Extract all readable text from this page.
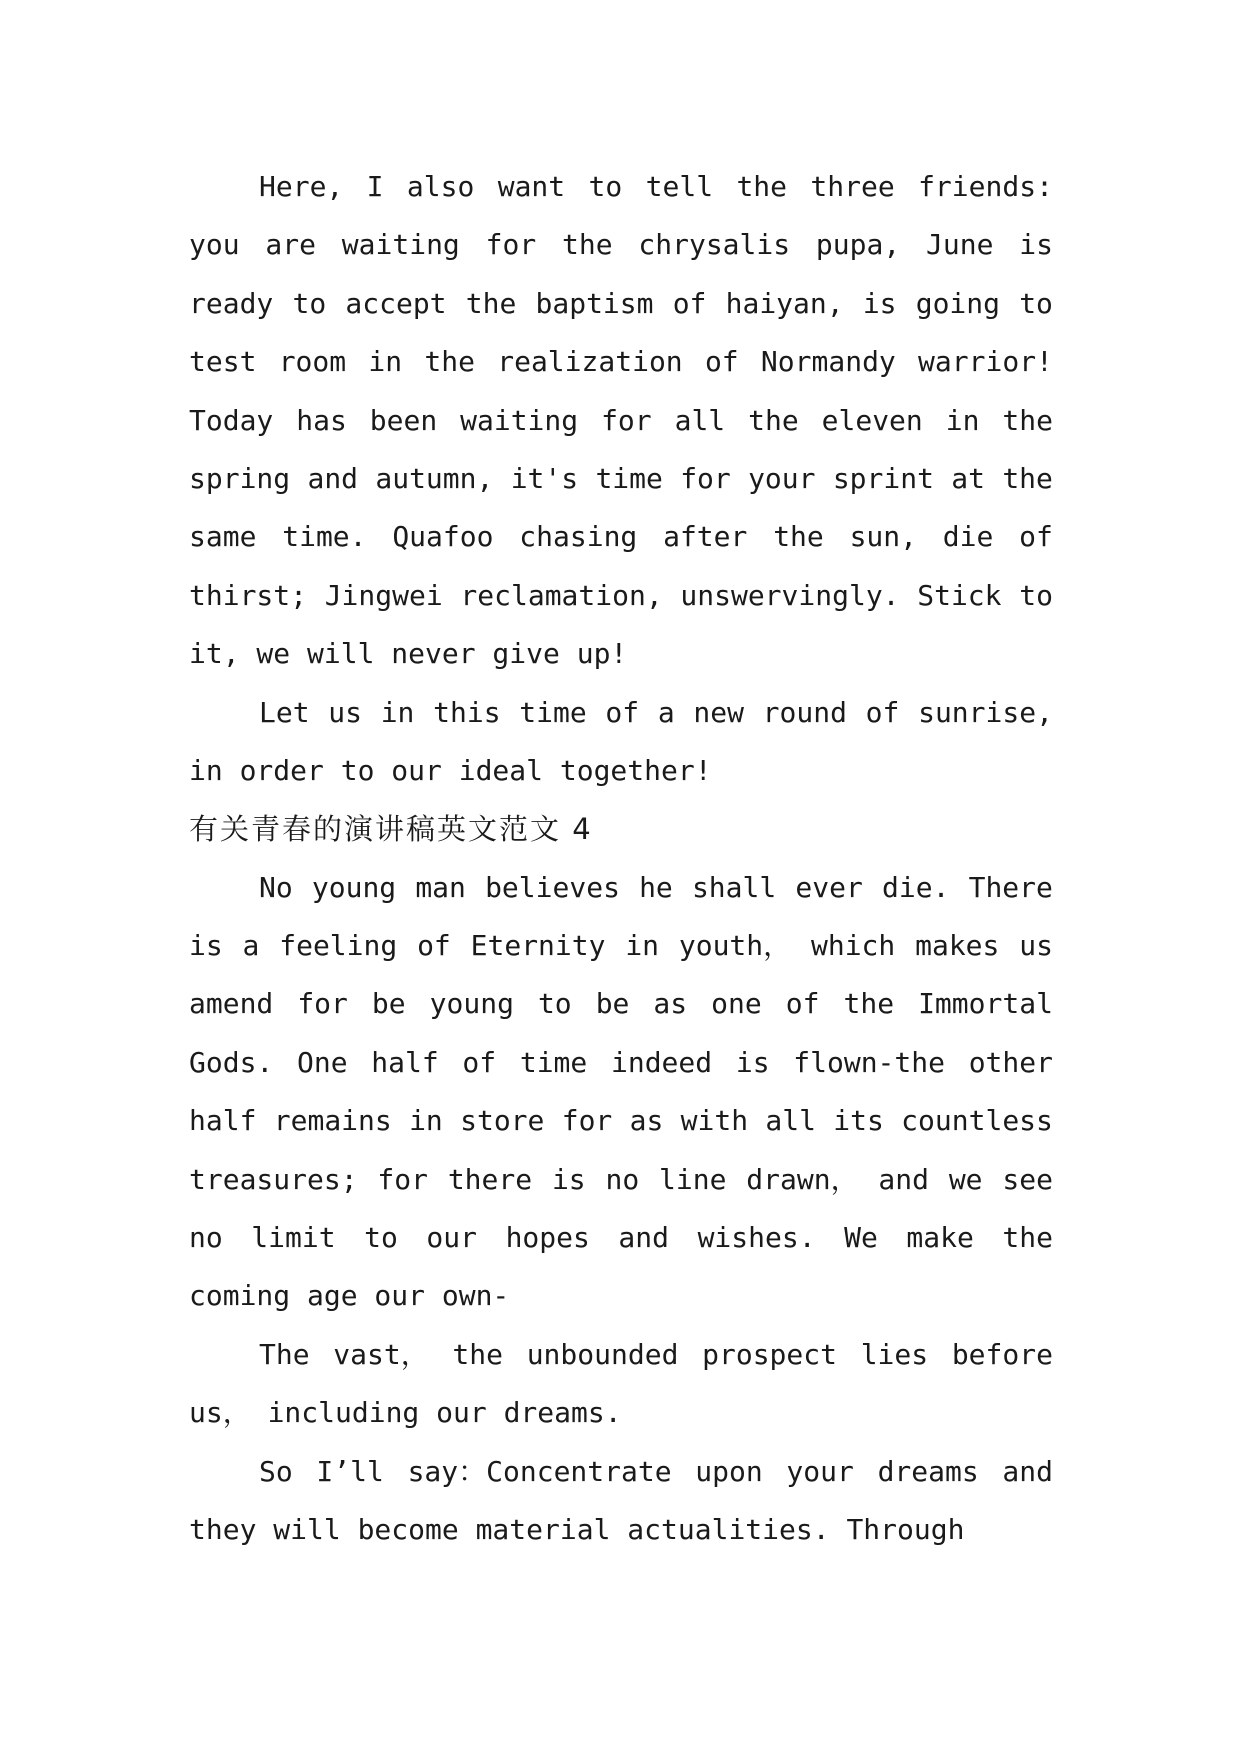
Here, I also want to tell the three friends:
you are waiting for the chrysalis pupa, June is
ready to accept the baptism of haiyan, is going to
test room in the realization of Normandy warrior!
Today has been waiting for all the eleven in the
spring and autumn, it's time for your sprint at the
same time. Quafoo chasing after the sun, die of
thirst; Jingwei reclamation, unswervingly. Stick to
it, we will never give up!
Let us in this time of a new round of sunrise,
in order to our ideal together!
有关青春的演讲稿英文范文 4
No young man believes he shall ever die. There
is a feeling of Eternity in youth， which makes us
amend for be young to be as one of the Immortal
Gods. One half of time indeed is flown-the other
half remains in store for as with all its countless
treasures; for there is no line drawn， and we see
no limit to our hopes and wishes. We make the
coming age our own-
The vast， the unbounded prospect lies before
us， including our dreams.
So I’ll say：Concentrate upon your dreams and
they will become material actualities. Through
